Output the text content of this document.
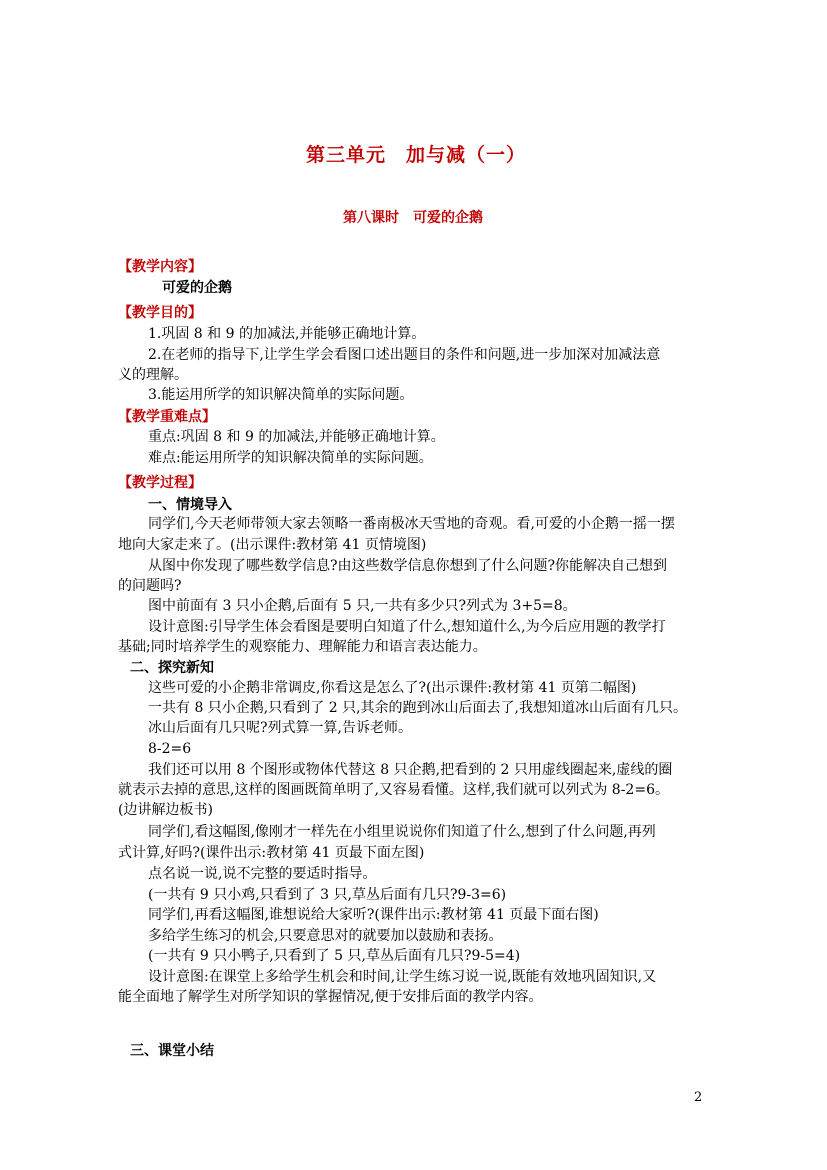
第三单元　加与减（一）
第八课时　可爱的企鹅
【教学内容】
可爱的企鹅
【教学目的】
1.巩固 8 和 9 的加减法,并能够正确地计算。
2.在老师的指导下,让学生学会看图口述出题目的条件和问题,进一步加深对加减法意
义的理解。
3.能运用所学的知识解决简单的实际问题。
【教学重难点】
重点:巩固 8 和 9 的加减法,并能够正确地计算。
难点:能运用所学的知识解决简单的实际问题。
【教学过程】
一、情境导入
同学们,今天老师带领大家去领略一番南极冰天雪地的奇观。看,可爱的小企鹅一摇一摆
地向大家走来了。(出示课件:教材第 41 页情境图)
从图中你发现了哪些数学信息?由这些数学信息你想到了什么问题?你能解决自己想到
的问题吗?
图中前面有 3 只小企鹅,后面有 5 只,一共有多少只?列式为 3+5=8。
设计意图:引导学生体会看图是要明白知道了什么,想知道什么,为今后应用题的教学打
基础;同时培养学生的观察能力、理解能力和语言表达能力。
二、探究新知
这些可爱的小企鹅非常调皮,你看这是怎么了?(出示课件:教材第 41 页第二幅图)
一共有 8 只小企鹅,只看到了 2 只,其余的跑到冰山后面去了,我想知道冰山后面有几只。
冰山后面有几只呢?列式算一算,告诉老师。
8-2=6
我们还可以用 8 个图形或物体代替这 8 只企鹅,把看到的 2 只用虚线圈起来,虚线的圈
就表示去掉的意思,这样的图画既简单明了,又容易看懂。这样,我们就可以列式为 8-2=6。
(边讲解边板书)
同学们,看这幅图,像刚才一样先在小组里说说你们知道了什么,想到了什么问题,再列
式计算,好吗?(课件出示:教材第 41 页最下面左图)
点名说一说,说不完整的要适时指导。
(一共有 9 只小鸡,只看到了 3 只,草丛后面有几只?9-3=6)
同学们,再看这幅图,谁想说给大家听?(课件出示:教材第 41 页最下面右图)
多给学生练习的机会,只要意思对的就要加以鼓励和表扬。
(一共有 9 只小鸭子,只看到了 5 只,草丛后面有几只?9-5=4)
设计意图:在课堂上多给学生机会和时间,让学生练习说一说,既能有效地巩固知识,又
能全面地了解学生对所学知识的掌握情况,便于安排后面的教学内容。
三、课堂小结
2
